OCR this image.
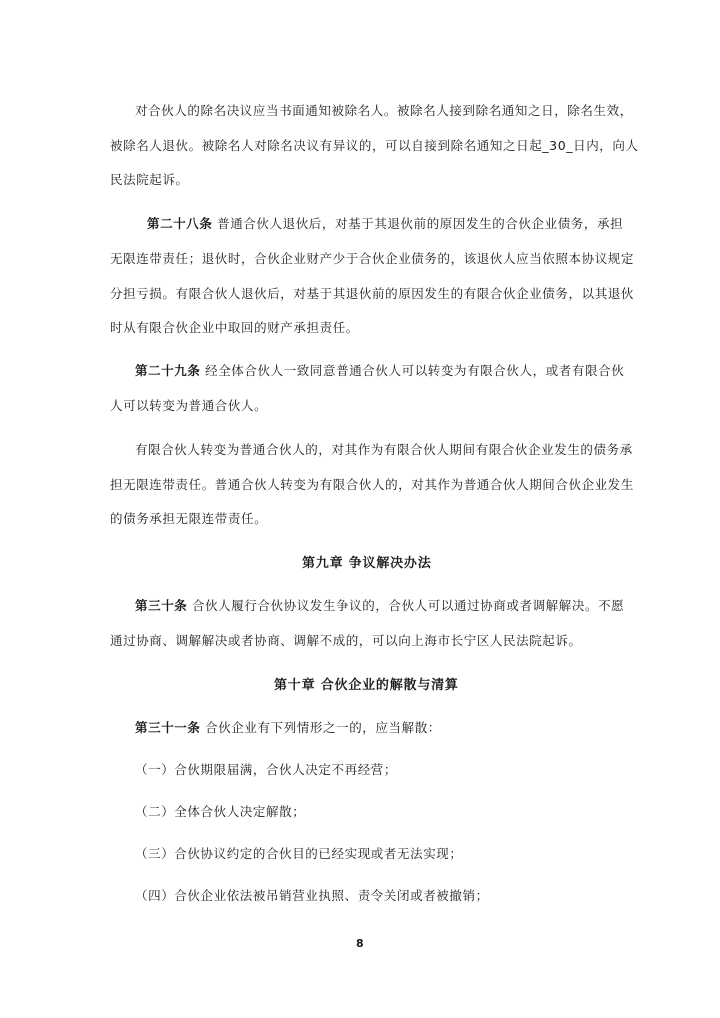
对合伙人的除名决议应当书面通知被除名人。被除名人接到除名通知之日，除名生效，
被除名人退伙。被除名人对除名决议有异议的，可以自接到除名通知之日起_30_日内，向人
民法院起诉。
第二十八条 普通合伙人退伙后，对基于其退伙前的原因发生的合伙企业债务，承担
无限连带责任；退伙时，合伙企业财产少于合伙企业债务的，该退伙人应当依照本协议规定
分担亏损。有限合伙人退伙后，对基于其退伙前的原因发生的有限合伙企业债务，以其退伙
时从有限合伙企业中取回的财产承担责任。
第二十九条 经全体合伙人一致同意普通合伙人可以转变为有限合伙人，或者有限合伙
人可以转变为普通合伙人。
有限合伙人转变为普通合伙人的，对其作为有限合伙人期间有限合伙企业发生的债务承
担无限连带责任。普通合伙人转变为有限合伙人的，对其作为普通合伙人期间合伙企业发生
的债务承担无限连带责任。
第九章 争议解决办法
第三十条 合伙人履行合伙协议发生争议的，合伙人可以通过协商或者调解解决。不愿
通过协商、调解解决或者协商、调解不成的，可以向上海市长宁区人民法院起诉。
第十章 合伙企业的解散与清算
第三十一条 合伙企业有下列情形之一的，应当解散：
（一）合伙期限届满，合伙人决定不再经营；
（二）全体合伙人决定解散；
（三）合伙协议约定的合伙目的已经实现或者无法实现；
（四）合伙企业依法被吊销营业执照、责令关闭或者被撤销；
8
